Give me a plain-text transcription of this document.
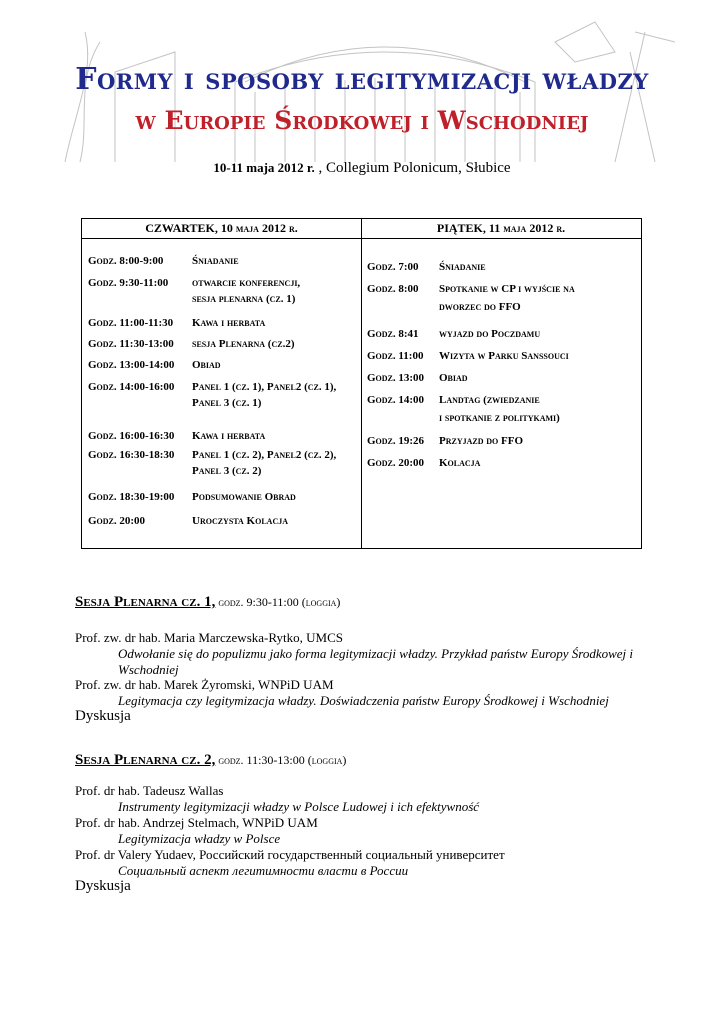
Formy i sposoby legitymizacji władzy
w Europie Środkowej i Wschodniej
10-11 maja 2012 r. , Collegium Polonicum, Słubice
CZWARTEK, 10 maja 2012 r.
Godz. 8:00-9:00	Śniadanie
Godz. 9:30-11:00 otwarcie konferencji,
sesja plenarna (cz. 1)
Godz. 11:00-11:30 Kawa i herbata
Godz. 11:30-13:00 sesja Plenarna (cz.2)
Godz. 13:00-14:00 Obiad
Godz. 14:00-16:00 Panel 1 (cz. 1), Panel2 (cz. 1),
Panel 3 (cz. 1)
Godz. 16:00-16:30 Kawa i herbata
Godz. 16:30-18:30 Panel 1 (cz. 2), Panel2 (cz. 2),
Panel 3 (cz. 2)
Godz. 18:30-19:00 Podsumowanie Obrad
Godz. 20:00	Uroczysta Kolacja
PIĄTEK, 11 maja 2012 r.
Godz. 7:00 Śniadanie
Godz. 8:00 Spotkanie w CP i wyjście na
dworzec do FFO
Godz. 8:41 wyjazd do Poczdamu
Godz. 11:00 Wizyta w Parku Sanssouci
Godz. 13:00 Obiad
Godz. 14:00 Landtag (zwiedzanie
i spotkanie z politykami)
Godz. 19:26 Przyjazd do FFO
Godz. 20:00 Kolacja
Sesja Plenarna cz. 1, godz. 9:30-11:00 (loggia)
Prof. zw. dr hab. Maria Marczewska-Rytko, UMCS
Odwołanie się do populizmu jako forma legitymizacji władzy. Przykład państw Europy Środkowej i Wschodniej
Prof. zw. dr hab. Marek Żyromski, WNPiD UAM
Legitymacja czy legitymizacja władzy. Doświadczenia państw Europy Środkowej i Wschodniej
Dyskusja
Sesja Plenarna cz. 2, godz. 11:30-13:00 (loggia)
Prof. dr hab. Tadeusz Wallas
Instrumenty legitymizacji władzy w Polsce Ludowej i ich efektywność
Prof. dr hab. Andrzej Stelmach, WNPiD UAM
Legitymizacja władzy w Polsce
Prof. dr Valery Yudaev, Российский государственный социальный университет
Социальный аспект легитимности власти в России
Dyskusja
